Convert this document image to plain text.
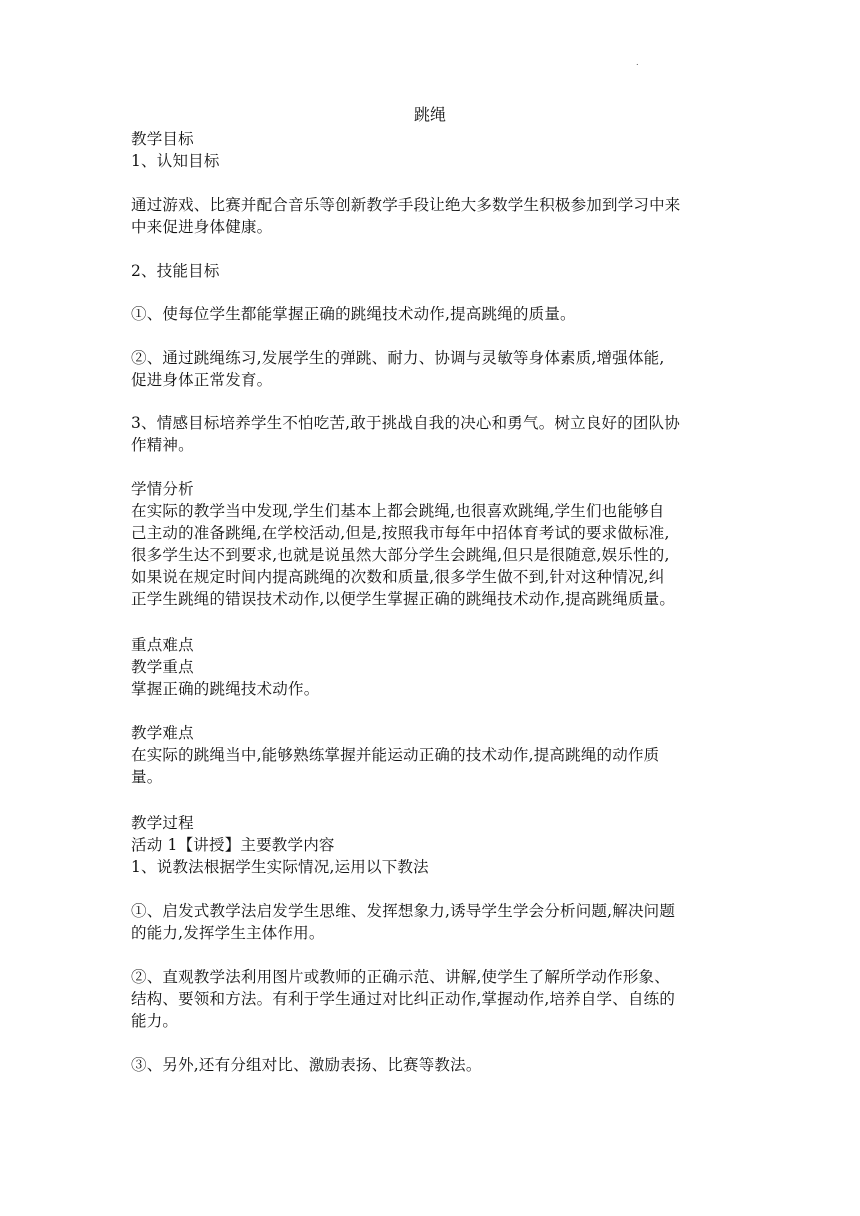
.
跳绳
教学目标
1、认知目标
通过游戏、比赛并配合音乐等创新教学手段让绝大多数学生积极参加到学习中来
中来促进身体健康。
2、技能目标
①、使每位学生都能掌握正确的跳绳技术动作,提高跳绳的质量。
②、通过跳绳练习,发展学生的弹跳、耐力、协调与灵敏等身体素质,增强体能,
促进身体正常发育。
3、情感目标培养学生不怕吃苦,敢于挑战自我的决心和勇气。树立良好的团队协
作精神。
学情分析
在实际的教学当中发现,学生们基本上都会跳绳,也很喜欢跳绳,学生们也能够自
己主动的准备跳绳,在学校活动,但是,按照我市每年中招体育考试的要求做标准,
很多学生达不到要求,也就是说虽然大部分学生会跳绳,但只是很随意,娱乐性的,
如果说在规定时间内提高跳绳的次数和质量,很多学生做不到,针对这种情况,纠
正学生跳绳的错误技术动作,以便学生掌握正确的跳绳技术动作,提高跳绳质量。
重点难点
教学重点
掌握正确的跳绳技术动作。
教学难点
在实际的跳绳当中,能够熟练掌握并能运动正确的技术动作,提高跳绳的动作质
量。
教学过程
活动 1【讲授】主要教学内容
1、说教法根据学生实际情况,运用以下教法
①、启发式教学法启发学生思维、发挥想象力,诱导学生学会分析问题,解决问题
的能力,发挥学生主体作用。
②、直观教学法利用图片或教师的正确示范、讲解,使学生了解所学动作形象、
结构、要领和方法。有利于学生通过对比纠正动作,掌握动作,培养自学、自练的
能力。
③、另外,还有分组对比、激励表扬、比赛等教法。
